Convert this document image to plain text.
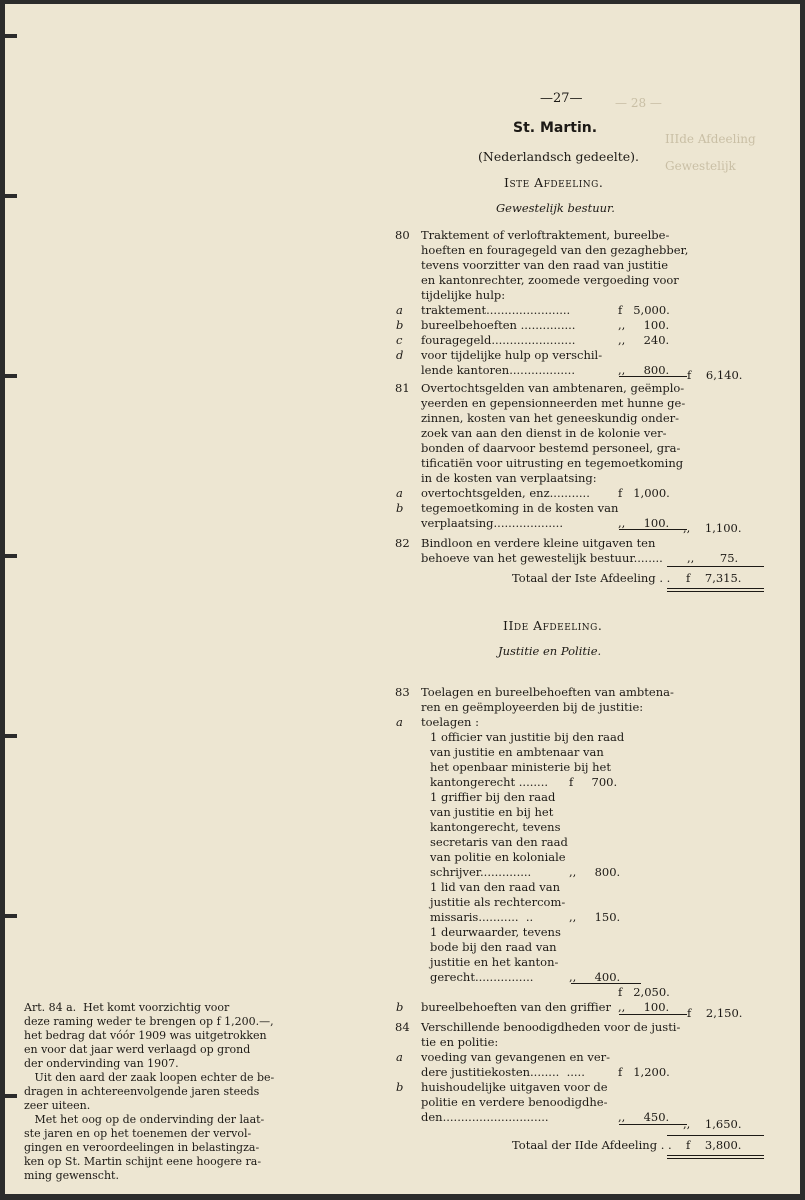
— 28 —
IIIde Afdeeling
Gewestelijk
—27—
St. Martin.
(Nederlandsch gedeelte).
Iste Afdeeling.
Gewestelijk bestuur.
80 Traktement of verloftraktement, bureelbe-
hoeften en fouragegeld van den gezaghebber,
tevens voorzitter van den raad van justitie
en kantonrechter, zoomede vergoeding voor
tijdelijke hulp:
a traktement.......................	f   5,000.
b bureelbehoeften ...............	,,     100.
c fouragegeld.......................	,,     240.
d voor tijdelijke hulp op verschil-
lende kantoren..................	,,     800. f    6,140.
81 Overtochtsgelden van ambtenaren, geëmplo-
yeerden en gepensionneerden met hunne ge-
zinnen, kosten van het geneeskundig onder-
zoek van aan den dienst in de kolonie ver-
bonden of daarvoor bestemd personeel, gra-
tificatiën voor uitrusting en tegemoetkoming
in de kosten van verplaatsing:
a overtochtsgelden, enz........... f   1,000.
b tegemoetkoming in de kosten van
verplaatsing...................	,,     100. ,,    1,100.
82 Bindloon en verdere kleine uitgaven ten
behoeve van het gewestelijk bestuur........ ,,       75.
Totaal der Iste Afdeeling . . f    7,315.
IIde Afdeeling.
Justitie en Politie.
83 Toelagen en bureelbehoeften van ambtena-
ren en geëmployeerden bij de justitie:
a toelagen :
1 officier van justitie bij den raad
van justitie en ambtenaar van
het openbaar ministerie bij het
kantongerecht ........ f     700.
1 griffier bij den raad
van justitie en bij het
kantongerecht, tevens
secretaris van den raad
van politie en koloniale
schrijver..............	,,     800.
1 lid van den raad van
justitie als rechtercom-
missaris...........  ..	,,     150.
1 deurwaarder, tevens
bode bij den raad van
justitie en het kanton-
gerecht................	,,     400.
f   2,050.
b bureelbehoeften van den griffier ,,     100. f    2,150.
84 Verschillende benoodigdheden voor de justi-
tie en politie:
a voeding van gevangenen en ver-
dere justitiekosten........  .....	f   1,200.
b huishoudelijke uitgaven voor de
politie en verdere benoodigdhe-
den.............................	,,     450. ,,    1,650.
Totaal der IIde Afdeeling . . f    3,800.
Art. 84 a.  Het komt voorzichtig voor
deze raming weder te brengen op f 1,200.—,
het bedrag dat vóór 1909 was uitgetrokken
en voor dat jaar werd verlaagd op grond
der ondervinding van 1907.
Uit den aard der zaak loopen echter de be-
dragen in achtereenvolgende jaren steeds
zeer uiteen.
Met het oog op de ondervinding der laat-
ste jaren en op het toenemen der vervol-
gingen en veroordeelingen in belastingza-
ken op St. Martin schijnt eene hoogere ra-
ming gewenscht.
